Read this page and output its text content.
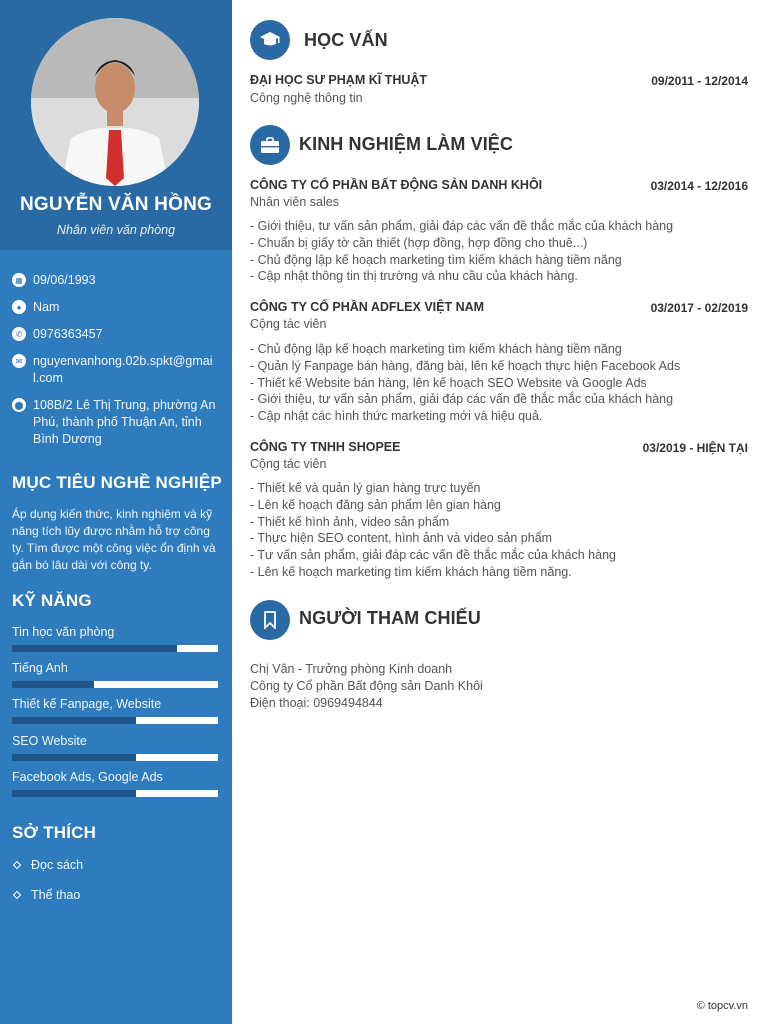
NGUYỄN VĂN HỒNG
Nhân viên văn phòng
▦ 09/06/1993
● Nam
✆ 0976363457
✉ nguyenvanhong.02b.spkt@gmail.com
⬤ 108B/2 Lê Thị Trung, phường An Phú, thành phố Thuận An, tỉnh Bình Dương
MỤC TIÊU NGHỀ NGHIỆP
Áp dụng kiến thức, kinh nghiệm và kỹ năng tích lũy được nhằm hỗ trợ công ty. Tìm được một công việc ổn định và gắn bó lâu dài với công ty.
KỸ NĂNG
Tin học văn phòng
Tiếng Anh
Thiết kế Fanpage, Website
SEO Website
Facebook Ads, Google Ads
SỞ THÍCH
Đọc sách
Thể thao
HỌC VẤN
ĐẠI HỌC SƯ PHẠM KĨ THUẬT	09/2011 - 12/2014
Công nghệ thông tin
KINH NGHIỆM LÀM VIỆC
CÔNG TY CỔ PHẦN BẤT ĐỘNG SẢN DANH KHÔI	03/2014 - 12/2016
Nhân viên sales
- Giới thiệu, tư vấn sản phẩm, giải đáp các vấn đề thắc mắc của khách hàng
- Chuẩn bị giấy tờ cần thiết (hợp đồng, hợp đồng cho thuê...)
- Chủ động lập kế hoạch marketing tìm kiếm khách hàng tiềm năng
- Cập nhật thông tin thị trường và nhu cầu của khách hàng.
CÔNG TY CỔ PHẦN ADFLEX VIỆT NAM	03/2017 - 02/2019
Cộng tác viên
- Chủ động lập kế hoạch marketing tìm kiếm khách hàng tiềm năng
- Quản lý Fanpage bán hàng, đăng bài, lên kế hoạch thực hiện Facebook Ads
- Thiết kế Website bán hàng, lên kế hoạch SEO Website và Google Ads
- Giới thiệu, tư vấn sản phẩm, giải đáp các vấn đề thắc mắc của khách hàng
- Cập nhật các hình thức marketing mới và hiệu quả.
CÔNG TY TNHH SHOPEE	03/2019 - HIỆN TẠI
Cộng tác viên
- Thiết kế và quản lý gian hàng trực tuyến
- Lên kế hoạch đăng sản phẩm lên gian hàng
- Thiết kế hình ảnh, video sản phẩm
- Thực hiện SEO content, hình ảnh và video sản phẩm
- Tư vấn sản phẩm, giải đáp các vấn đề thắc mắc của khách hàng
- Lên kế hoạch marketing tìm kiếm khách hàng tiềm năng.
NGƯỜI THAM CHIẾU
Chị Vân - Trưởng phòng Kinh doanh
Công ty Cổ phần Bất động sản Danh Khôi
Điện thoại: 0969494844
© topcv.vn
